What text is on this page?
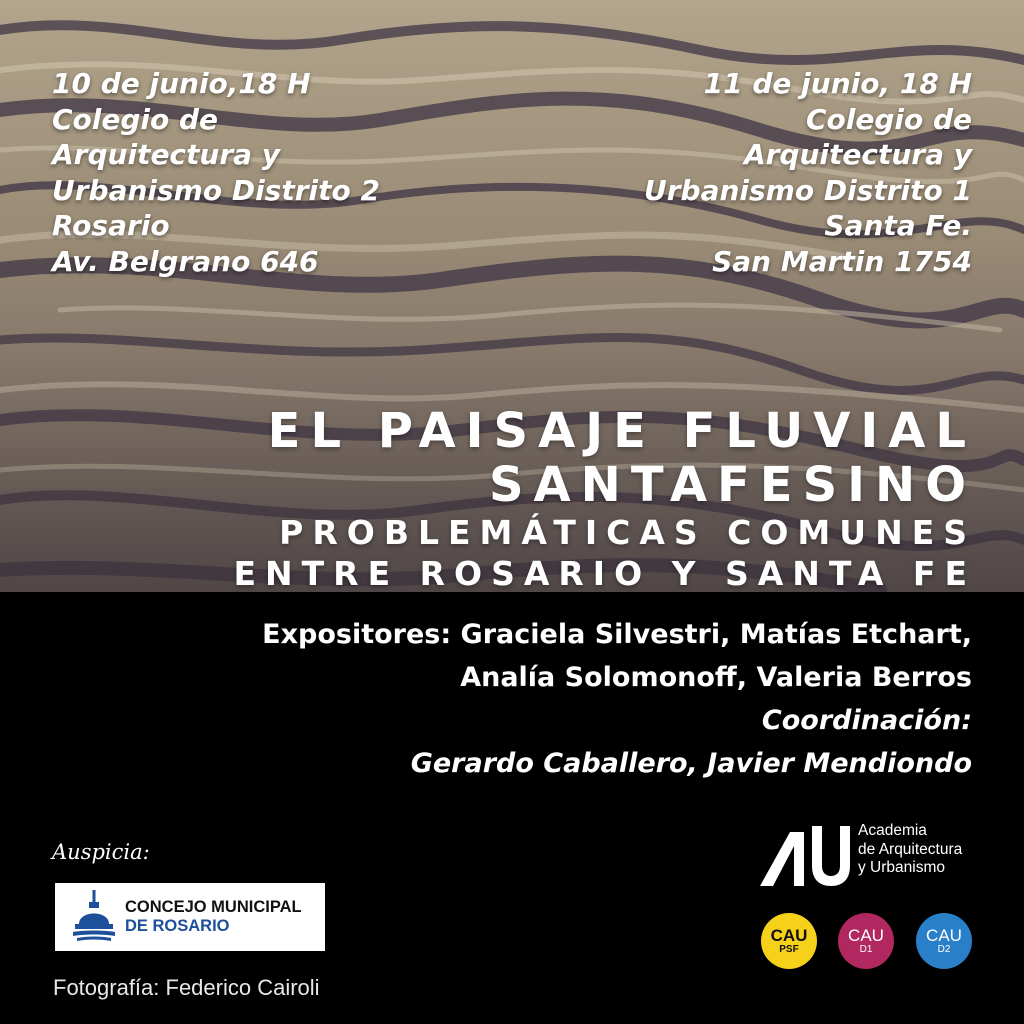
10 de junio,18 H
Colegio de
Arquitectura y
Urbanismo Distrito 2
Rosario
Av. Belgrano 646
11 de junio, 18 H
Colegio de
Arquitectura y
Urbanismo Distrito 1
Santa Fe.
San Martin 1754
EL PAISAJE FLUVIAL
SANTAFESINO
PROBLEMÁTICAS COMUNES
ENTRE ROSARIO Y SANTA FE
Expositores: Graciela Silvestri, Matías Etchart,
Analía Solomonoff, Valeria Berros
Coordinación:
Gerardo Caballero, Javier Mendiondo
Auspicia:
CONCEJO MUNICIPAL
DE ROSARIO
Fotografía: Federico Cairoli
Academia
de Arquitectura
y Urbanismo
CAU
PSF
CAU
D1
CAU
D2
